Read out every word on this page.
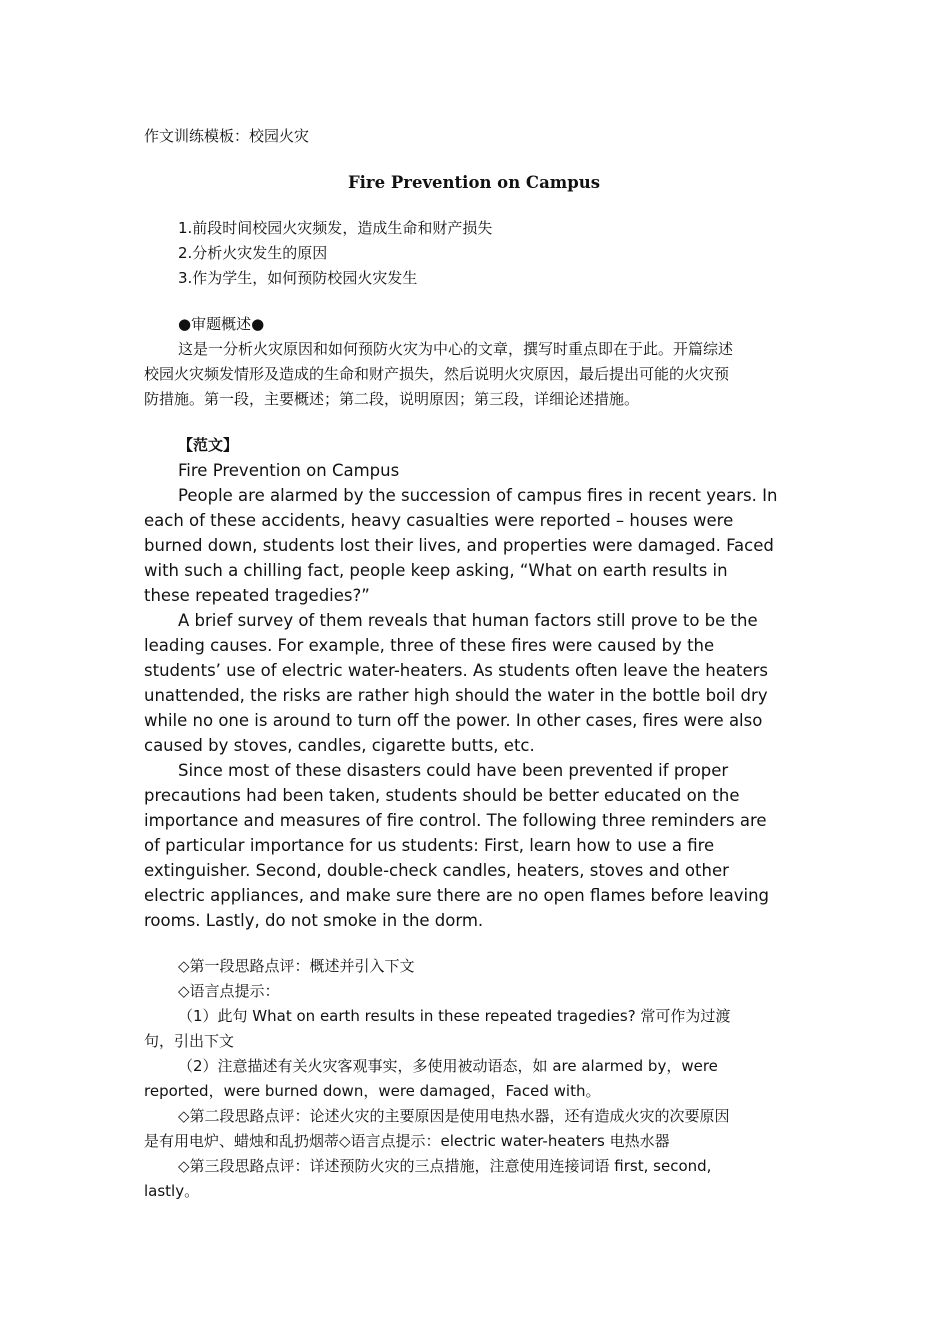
作文训练模板：校园火灾
Fire Prevention on Campus
1.前段时间校园火灾频发，造成生命和财产损失
2.分析火灾发生的原因
3.作为学生，如何预防校园火灾发生
●审题概述●
这是一分析火灾原因和如何预防火灾为中心的文章，撰写时重点即在于此。开篇综述
校园火灾频发情形及造成的生命和财产损失，然后说明火灾原因，最后提出可能的火灾预
防措施。第一段，主要概述；第二段，说明原因；第三段，详细论述措施。
【范文】
Fire Prevention on Campus
People are alarmed by the succession of campus fires in recent years. In
each of these accidents, heavy casualties were reported – houses were
burned down, students lost their lives, and properties were damaged. Faced
with such a chilling fact, people keep asking, “What on earth results in
these repeated tragedies?”
A brief survey of them reveals that human factors still prove to be the
leading causes. For example, three of these fires were caused by the
students’ use of electric water-heaters. As students often leave the heaters
unattended, the risks are rather high should the water in the bottle boil dry
while no one is around to turn off the power. In other cases, fires were also
caused by stoves, candles, cigarette butts, etc.
Since most of these disasters could have been prevented if proper
precautions had been taken, students should be better educated on the
importance and measures of fire control. The following three reminders are
of particular importance for us students: First, learn how to use a fire
extinguisher. Second, double-check candles, heaters, stoves and other
electric appliances, and make sure there are no open flames before leaving
rooms. Lastly, do not smoke in the dorm.
◇第一段思路点评：概述并引入下文
◇语言点提示：
（1）此句 What on earth results in these repeated tragedies? 常可作为过渡
句，引出下文
（2）注意描述有关火灾客观事实，多使用被动语态，如 are alarmed by，were
reported，were burned down，were damaged，Faced with。
◇第二段思路点评：论述火灾的主要原因是使用电热水器，还有造成火灾的次要原因
是有用电炉、蜡烛和乱扔烟蒂◇语言点提示：electric water-heaters 电热水器
◇第三段思路点评：详述预防火灾的三点措施，注意使用连接词语 first, second,
lastly。
